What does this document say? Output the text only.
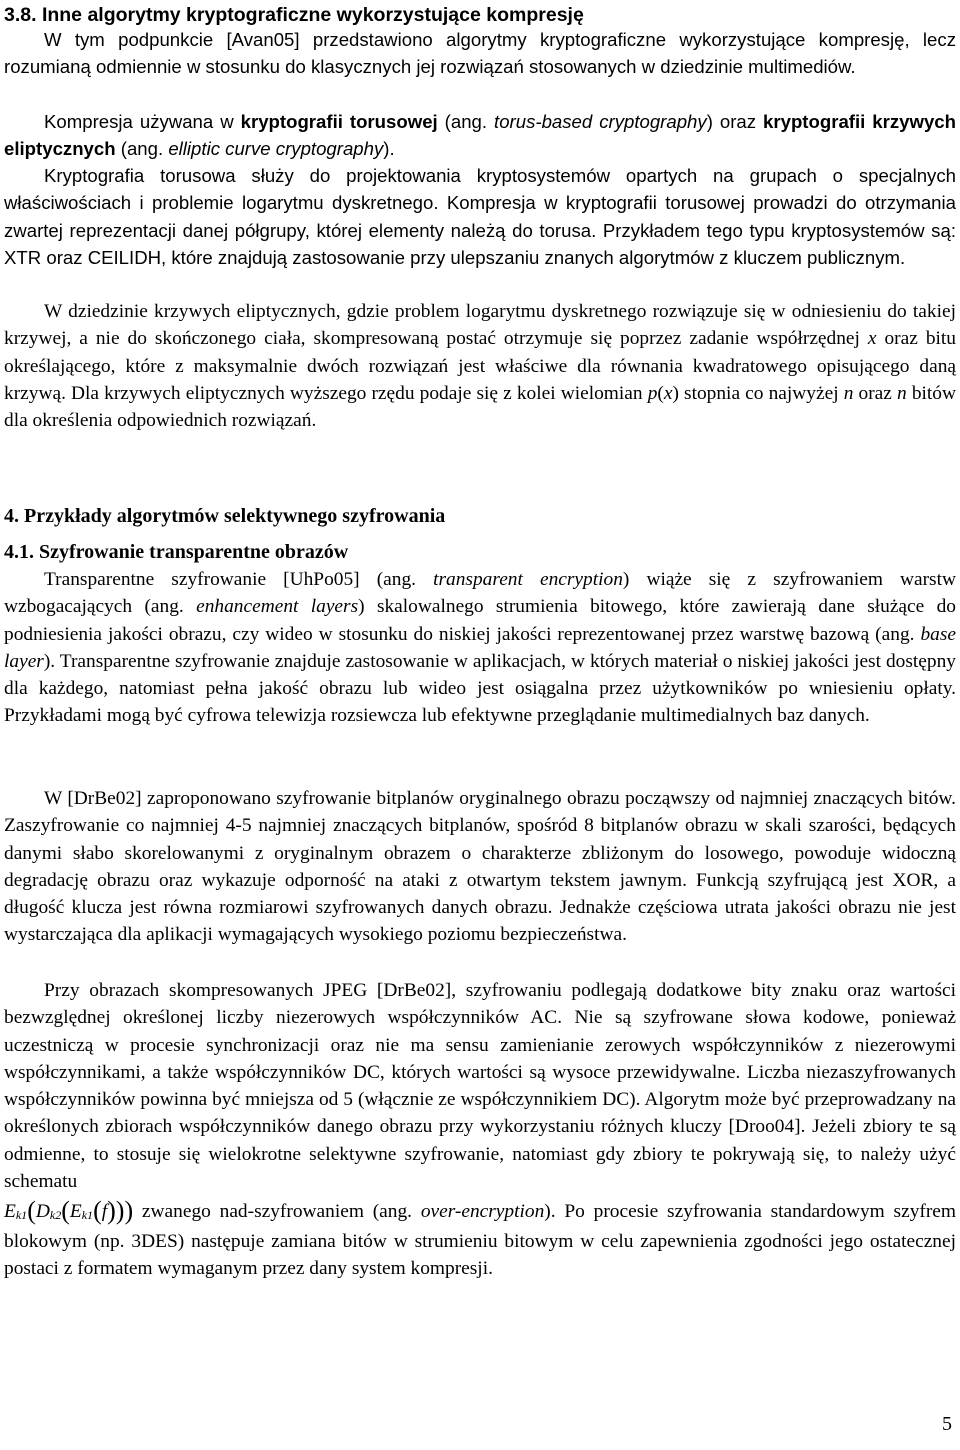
3.8. Inne algorytmy kryptograficzne wykorzystujące kompresję

W tym podpunkcie [Avan05] przedstawiono algorytmy kryptograficzne wykorzystujące kompresję, lecz rozumianą odmiennie w stosunku do klasycznych jej rozwiązań stosowanych w dziedzinie multimediów.

Kompresja używana w kryptografii torusowej (ang. torus-based cryptography) oraz kryptografii krzywych eliptycznych (ang. elliptic curve cryptography).

Kryptografia torusowa służy do projektowania kryptosystemów opartych na grupach o specjalnych właściwościach i problemie logarytmu dyskretnego. Kompresja w kryptografii torusowej prowadzi do otrzymania zwartej reprezentacji danej półgrupy, której elementy należą do torusa. Przykładem tego typu kryptosystemów są: XTR oraz CEILIDH, które znajdują zastosowanie przy ulepszaniu znanych algorytmów z kluczem publicznym.

W dziedzinie krzywych eliptycznych, gdzie problem logarytmu dyskretnego rozwiązuje się w odniesieniu do takiej krzywej, a nie do skończonego ciała, skompresowaną postać otrzymuje się poprzez zadanie współrzędnej x oraz bitu określającego, które z maksymalnie dwóch rozwiązań jest właściwe dla równania kwadratowego opisującego daną krzywą. Dla krzywych eliptycznych wyższego rzędu podaje się z kolei wielomian p(x) stopnia co najwyżej n oraz n bitów dla określenia odpowiednich rozwiązań.

4. Przykłady algorytmów selektywnego szyfrowania
4.1. Szyfrowanie transparentne obrazów

Transparentne szyfrowanie [UhPo05] (ang. transparent encryption) wiąże się z szyfrowaniem warstw wzbogacających (ang. enhancement layers) skalowalnego strumienia bitowego, które zawierają dane służące do podniesienia jakości obrazu, czy wideo w stosunku do niskiej jakości reprezentowanej przez warstwę bazową (ang. base layer). Transparentne szyfrowanie znajduje zastosowanie w aplikacjach, w których materiał o niskiej jakości jest dostępny dla każdego, natomiast pełna jakość obrazu lub wideo jest osiągalna przez użytkowników po wniesieniu opłaty. Przykładami mogą być cyfrowa telewizja rozsiewcza lub efektywne przeglądanie multimedialnych baz danych.

W [DrBe02] zaproponowano szyfrowanie bitplanów oryginalnego obrazu począwszy od najmniej znaczących bitów. Zaszyfrowanie co najmniej 4-5 najmniej znaczących bitplanów, spośród 8 bitplanów obrazu w skali szarości, będących danymi słabo skorelowanymi z oryginalnym obrazem o charakterze zbliżonym do losowego, powoduje widoczną degradację obrazu oraz wykazuje odporność na ataki z otwartym tekstem jawnym. Funkcją szyfrującą jest XOR, a długość klucza jest równa rozmiarowi szyfrowanych danych obrazu. Jednakże częściowa utrata jakości obrazu nie jest wystarczająca dla aplikacji wymagających wysokiego poziomu bezpieczeństwa.

Przy obrazach skompresowanych JPEG [DrBe02], szyfrowaniu podlegają dodatkowe bity znaku oraz wartości bezwzględnej określonej liczby niezerowych współczynników AC. Nie są szyfrowane słowa kodowe, ponieważ uczestniczą w procesie synchronizacji oraz nie ma sensu zamienianie zerowych współczynników z niezerowymi współczynnikami, a także współczynników DC, których wartości są wysoce przewidywalne. Liczba niezaszyfrowanych współczynników powinna być mniejsza od 5 (włącznie ze współczynnikiem DC). Algorytm może być przeprowadzany na określonych zbiorach współczynników danego obrazu przy wykorzystaniu różnych kluczy [Droo04]. Jeżeli zbiory te są odmienne, to stosuje się wielokrotne selektywne szyfrowanie, natomiast gdy zbiory te pokrywają się, to należy użyć schematu
$E_{k1}(D_{k2}(E_{k1}(f)))$ zwanego nad-szyfrowaniem (ang. over-encryption). Po procesie szyfrowania standardowym szyfrem blokowym (np. 3DES) następuje zamiana bitów w strumieniu bitowym w celu zapewnienia zgodności jego ostatecznej postaci z formatem wymaganym przez dany system kompresji.

5
